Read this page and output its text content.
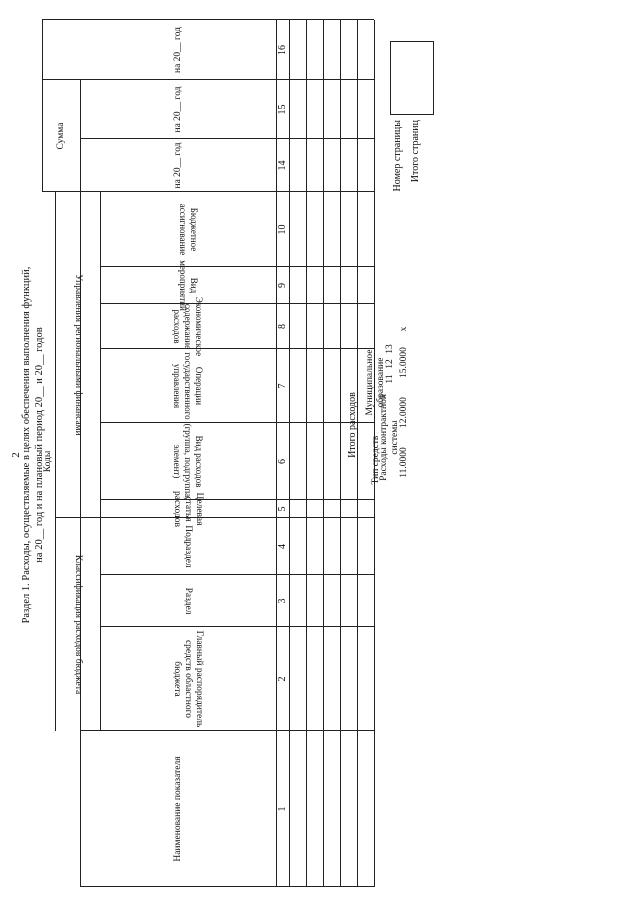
2 Раздел 1. Расходы, осуществляемые в целях обеспечения выполнения функций, на 20__ год и на плановый период 20__ и 20__ годов
Наименование показателя
Коды
Классификация расходов бюджета
Управления региональными финансами
Сумма
Главный распорядитель средств областного бюджета
Раздел
Подраздел
Целевая статья расходов
Вид расходов (группа, подгруппа, элемент)
Операции государственного управления
Экономическое содержание расходов
Вид мероприятий
Бюджетное ассигнование
на 20__ год
на 20__ год
на 20__ год
1
2
3
4
5
6
7
8
9
10
14
15
16
Итого расходов
Номер страницы Итого страниц
Тип средств
Муниципальное образование
Расходы контрактной системы
11
12
13
11.0000
12.0000
15.0000
x
